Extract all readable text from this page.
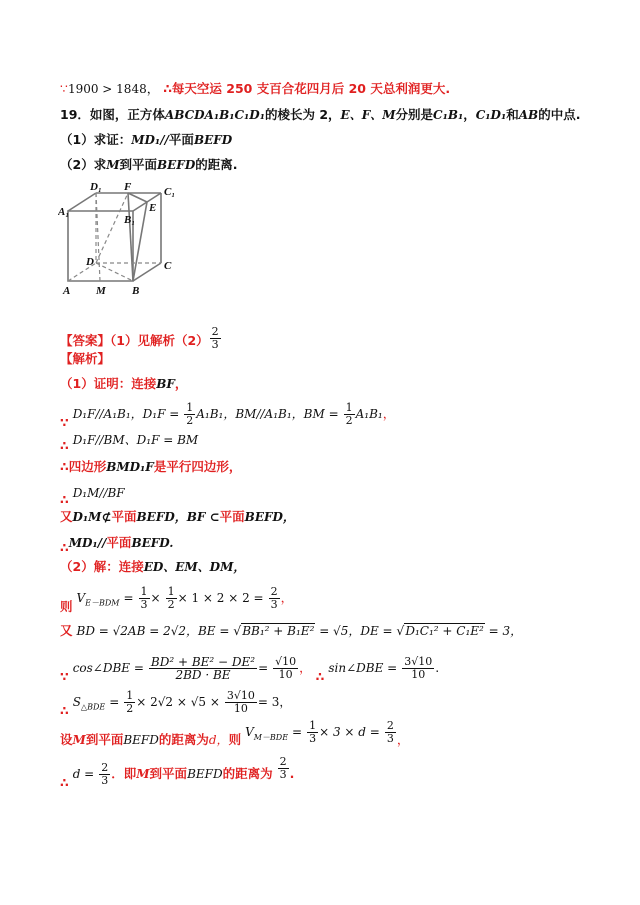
∵1900 > 1848， ∴每天空运 250 支百合花四月后 20 天总利润更大.
19．如图，正方体ABCDA₁B₁C₁D₁的棱长为 2，E、F、M分别是C₁B₁，C₁D₁和AB的中点.
（1）求证：MD₁//平面BEFD
（2）求M到平面BEFD的距离.
D₁ F	C₁
A₁	E
B₁
D	C
A M B
【答案】（1）见解析$(2) \frac{2}{3}$
【解析】
（1）证明：连接BF，
∵ D₁F//A₁B₁，$D_1F = \frac{1}{2} A_1B_1$，BM//A₁B₁，BM = $\frac{1}{2} A_1B_1$，
∴ D₁F//BM、D₁F = BM
∴四边形BMD₁F是平行四边形，
∴ D₁M//BF
又D₁M⊄平面BEFD，BF ⊂平面BEFD，
∴MD₁//平面BEFD.
（2）解：连接ED、EM、DM，
则 $V_{E-BDM} = \frac{1}{3} \times \frac{1}{2} \times 1 \times 2 \times 2 = \frac{2}{3}$ ，
又 BD = √2AB = 2√2，BE = √BB₁² + B₁E² = √5，DE = √D₁C₁² + C₁E² = 3，
∵ cos∠DBE = $\frac{\text{BD² + BE² − DE²}}{2BD \cdot BE} = \frac{√10}{10}$ ， ∴ sin∠DBE = $\frac{3√10}{10}$ .
∴ $S_{\triangle BDE} = \frac{1}{2} \times 2√2 \times √5 \times \frac{3√10}{10} = 3$，
设M到平面BEFD的距离为d，则 $V_{M-BDE} = \frac{1}{3} \times 3 \times d = \frac{2}{3}$ ，
∴ $d = \frac{2}{3}$ ．即M到平面BEFD的距离为 $\frac{2}{3}$ .
